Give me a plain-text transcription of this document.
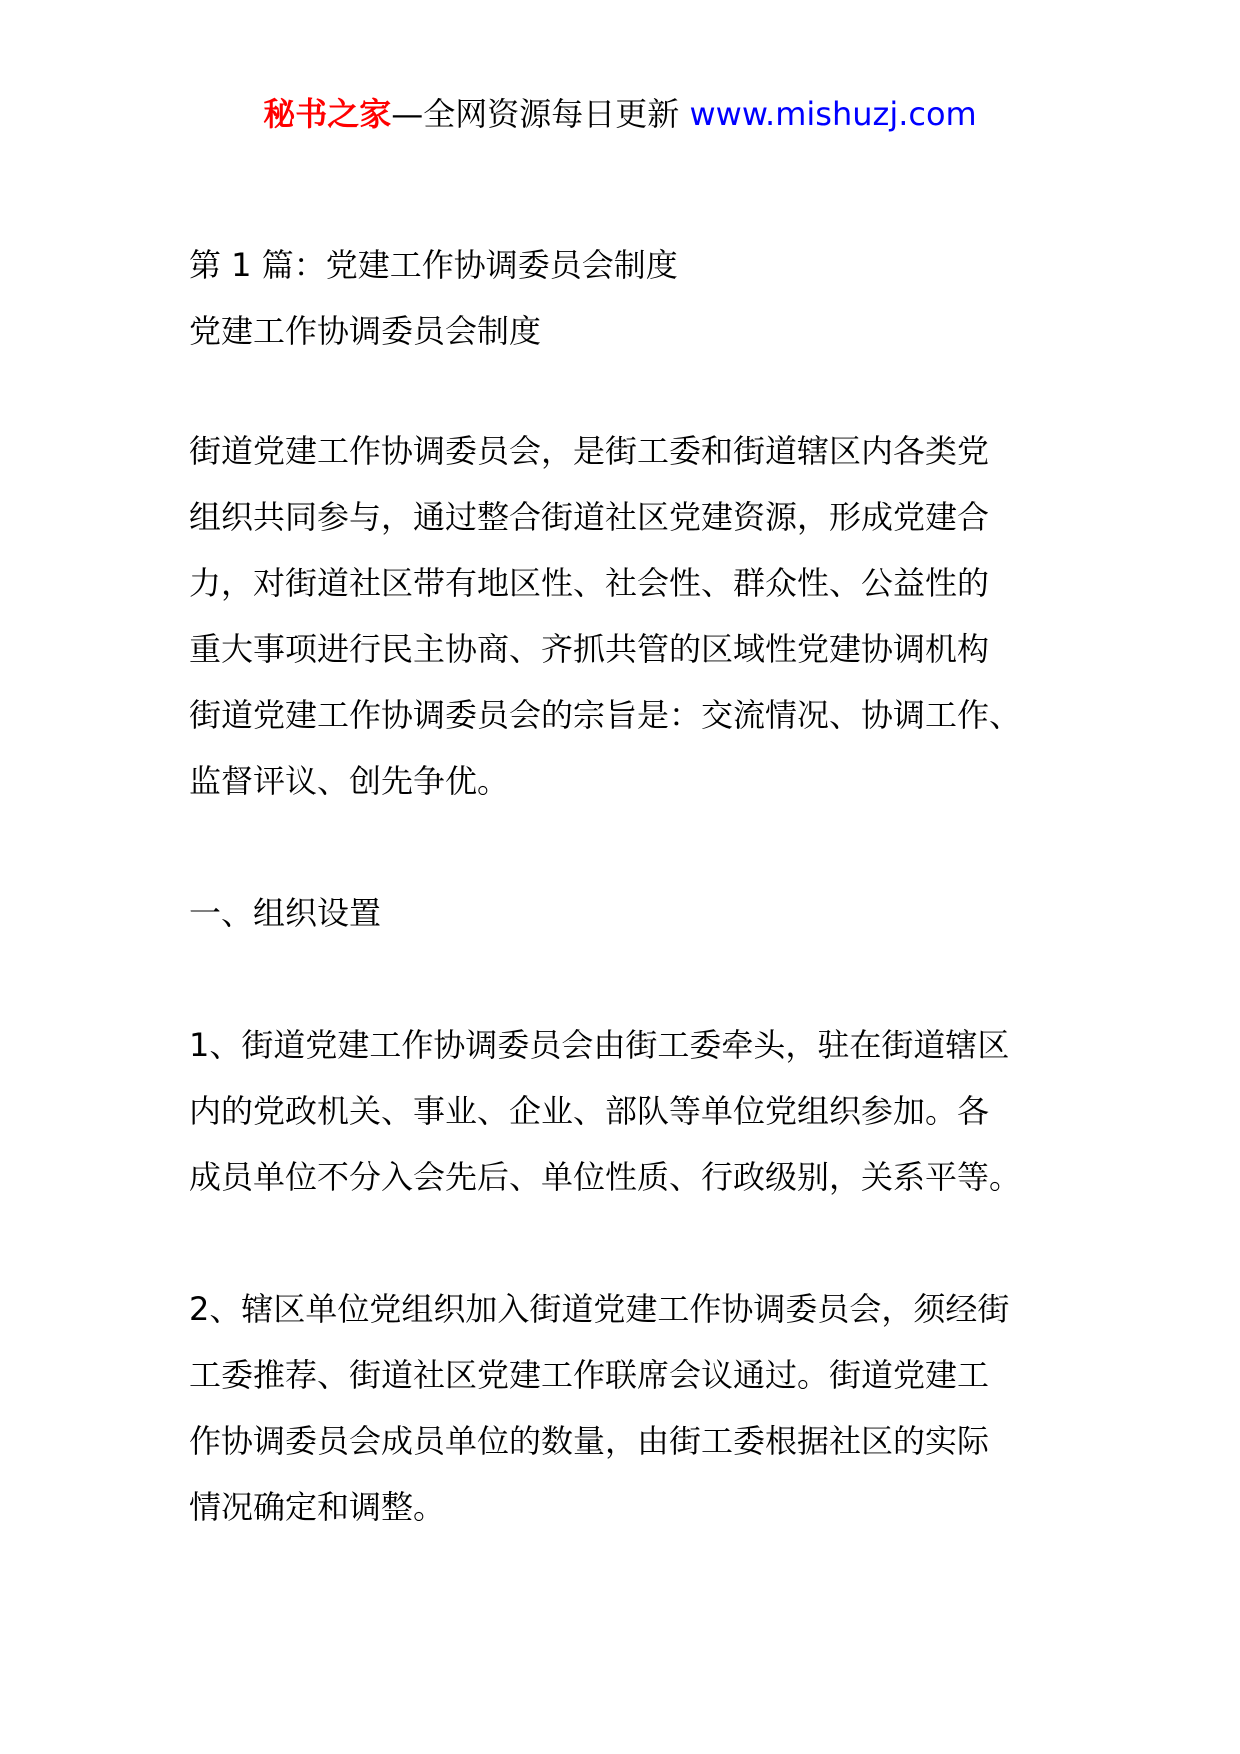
秘书之家—全网资源每日更新 www.mishuzj.com

第 1 篇：党建工作协调委员会制度

党建工作协调委员会制度

街道党建工作协调委员会，是街工委和街道辖区内各类党
组织共同参与，通过整合街道社区党建资源，形成党建合
力，对街道社区带有地区性、社会性、群众性、公益性的
重大事项进行民主协商、齐抓共管的区域性党建协调机构
街道党建工作协调委员会的宗旨是：交流情况、协调工作、
监督评议、创先争优。

一、组织设置

1、街道党建工作协调委员会由街工委牵头，驻在街道辖区
内的党政机关、事业、企业、部队等单位党组织参加。各
成员单位不分入会先后、单位性质、行政级别，关系平等。

2、辖区单位党组织加入街道党建工作协调委员会，须经街
工委推荐、街道社区党建工作联席会议通过。街道党建工
作协调委员会成员单位的数量，由街工委根据社区的实际
情况确定和调整。
